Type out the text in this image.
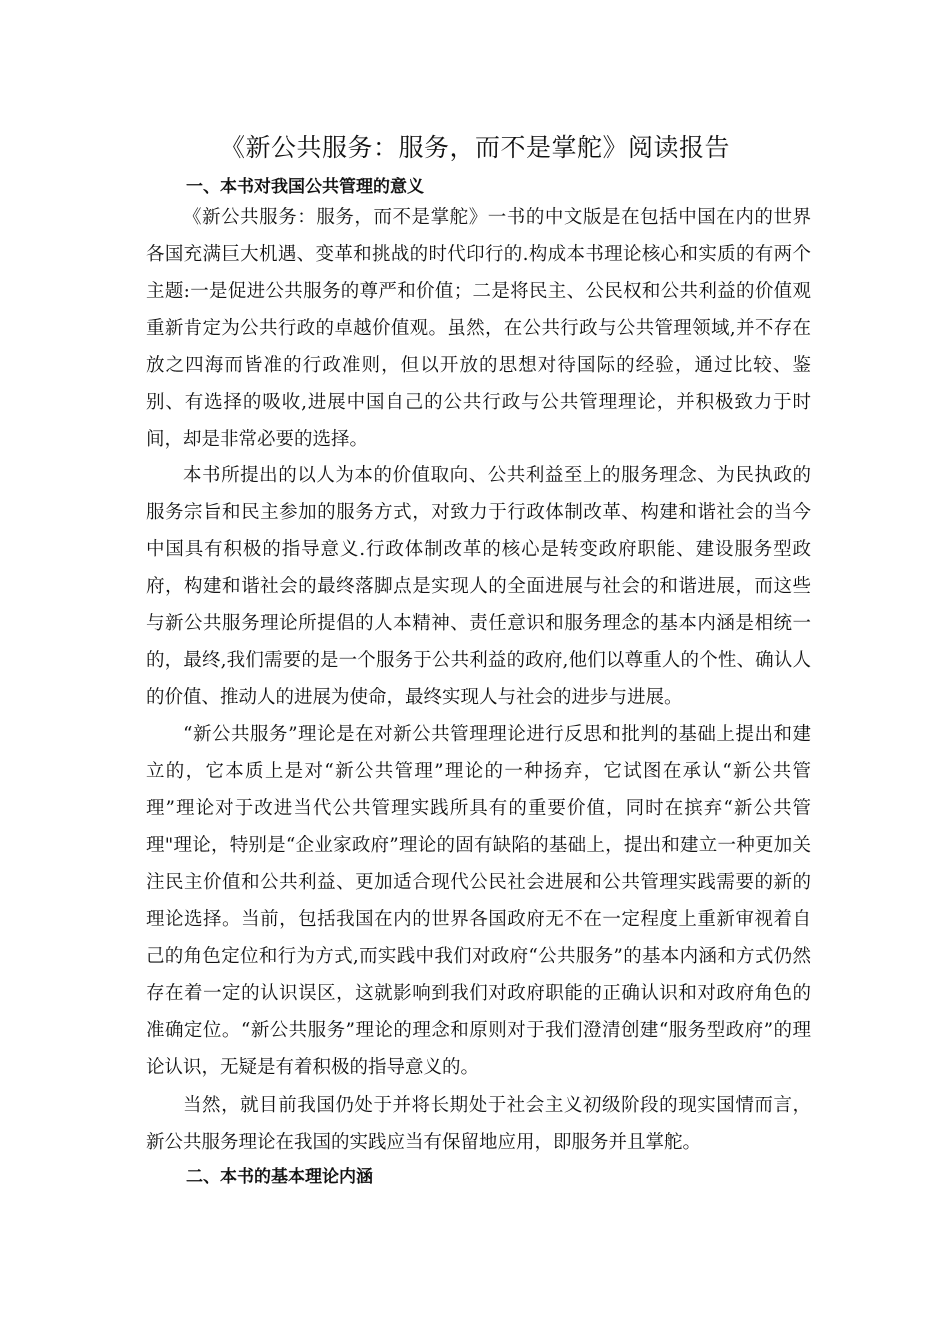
《新公共服务：服务，而不是掌舵》阅读报告
一、本书对我国公共管理的意义
《新公共服务：服务，而不是掌舵》一书的中文版是在包括中国在内的世界各国充满巨大机遇、变革和挑战的时代印行的.构成本书理论核心和实质的有两个主题:一是促进公共服务的尊严和价值；二是将民主、公民权和公共利益的价值观重新肯定为公共行政的卓越价值观。虽然，在公共行政与公共管理领域,并不存在放之四海而皆准的行政准则，但以开放的思想对待国际的经验，通过比较、鉴别、有选择的吸收,进展中国自己的公共行政与公共管理理论，并积极致力于时间，却是非常必要的选择。
本书所提出的以人为本的价值取向、公共利益至上的服务理念、为民执政的服务宗旨和民主参加的服务方式，对致力于行政体制改革、构建和谐社会的当今中国具有积极的指导意义.行政体制改革的核心是转变政府职能、建设服务型政府，构建和谐社会的最终落脚点是实现人的全面进展与社会的和谐进展，而这些与新公共服务理论所提倡的人本精神、责任意识和服务理念的基本内涵是相统一的，最终,我们需要的是一个服务于公共利益的政府,他们以尊重人的个性、确认人的价值、推动人的进展为使命，最终实现人与社会的进步与进展。
“新公共服务”理论是在对新公共管理理论进行反思和批判的基础上提出和建立的，它本质上是对“新公共管理”理论的一种扬弃，它试图在承认“新公共管理”理论对于改进当代公共管理实践所具有的重要价值，同时在摈弃“新公共管理"理论，特别是“企业家政府”理论的固有缺陷的基础上，提出和建立一种更加关注民主价值和公共利益、更加适合现代公民社会进展和公共管理实践需要的新的理论选择。当前，包括我国在内的世界各国政府无不在一定程度上重新审视着自己的角色定位和行为方式,而实践中我们对政府“公共服务”的基本内涵和方式仍然存在着一定的认识误区，这就影响到我们对政府职能的正确认识和对政府角色的准确定位。“新公共服务”理论的理念和原则对于我们澄清创建“服务型政府”的理论认识，无疑是有着积极的指导意义的。
当然，就目前我国仍处于并将长期处于社会主义初级阶段的现实国情而言，新公共服务理论在我国的实践应当有保留地应用，即服务并且掌舵。
二、本书的基本理论内涵
